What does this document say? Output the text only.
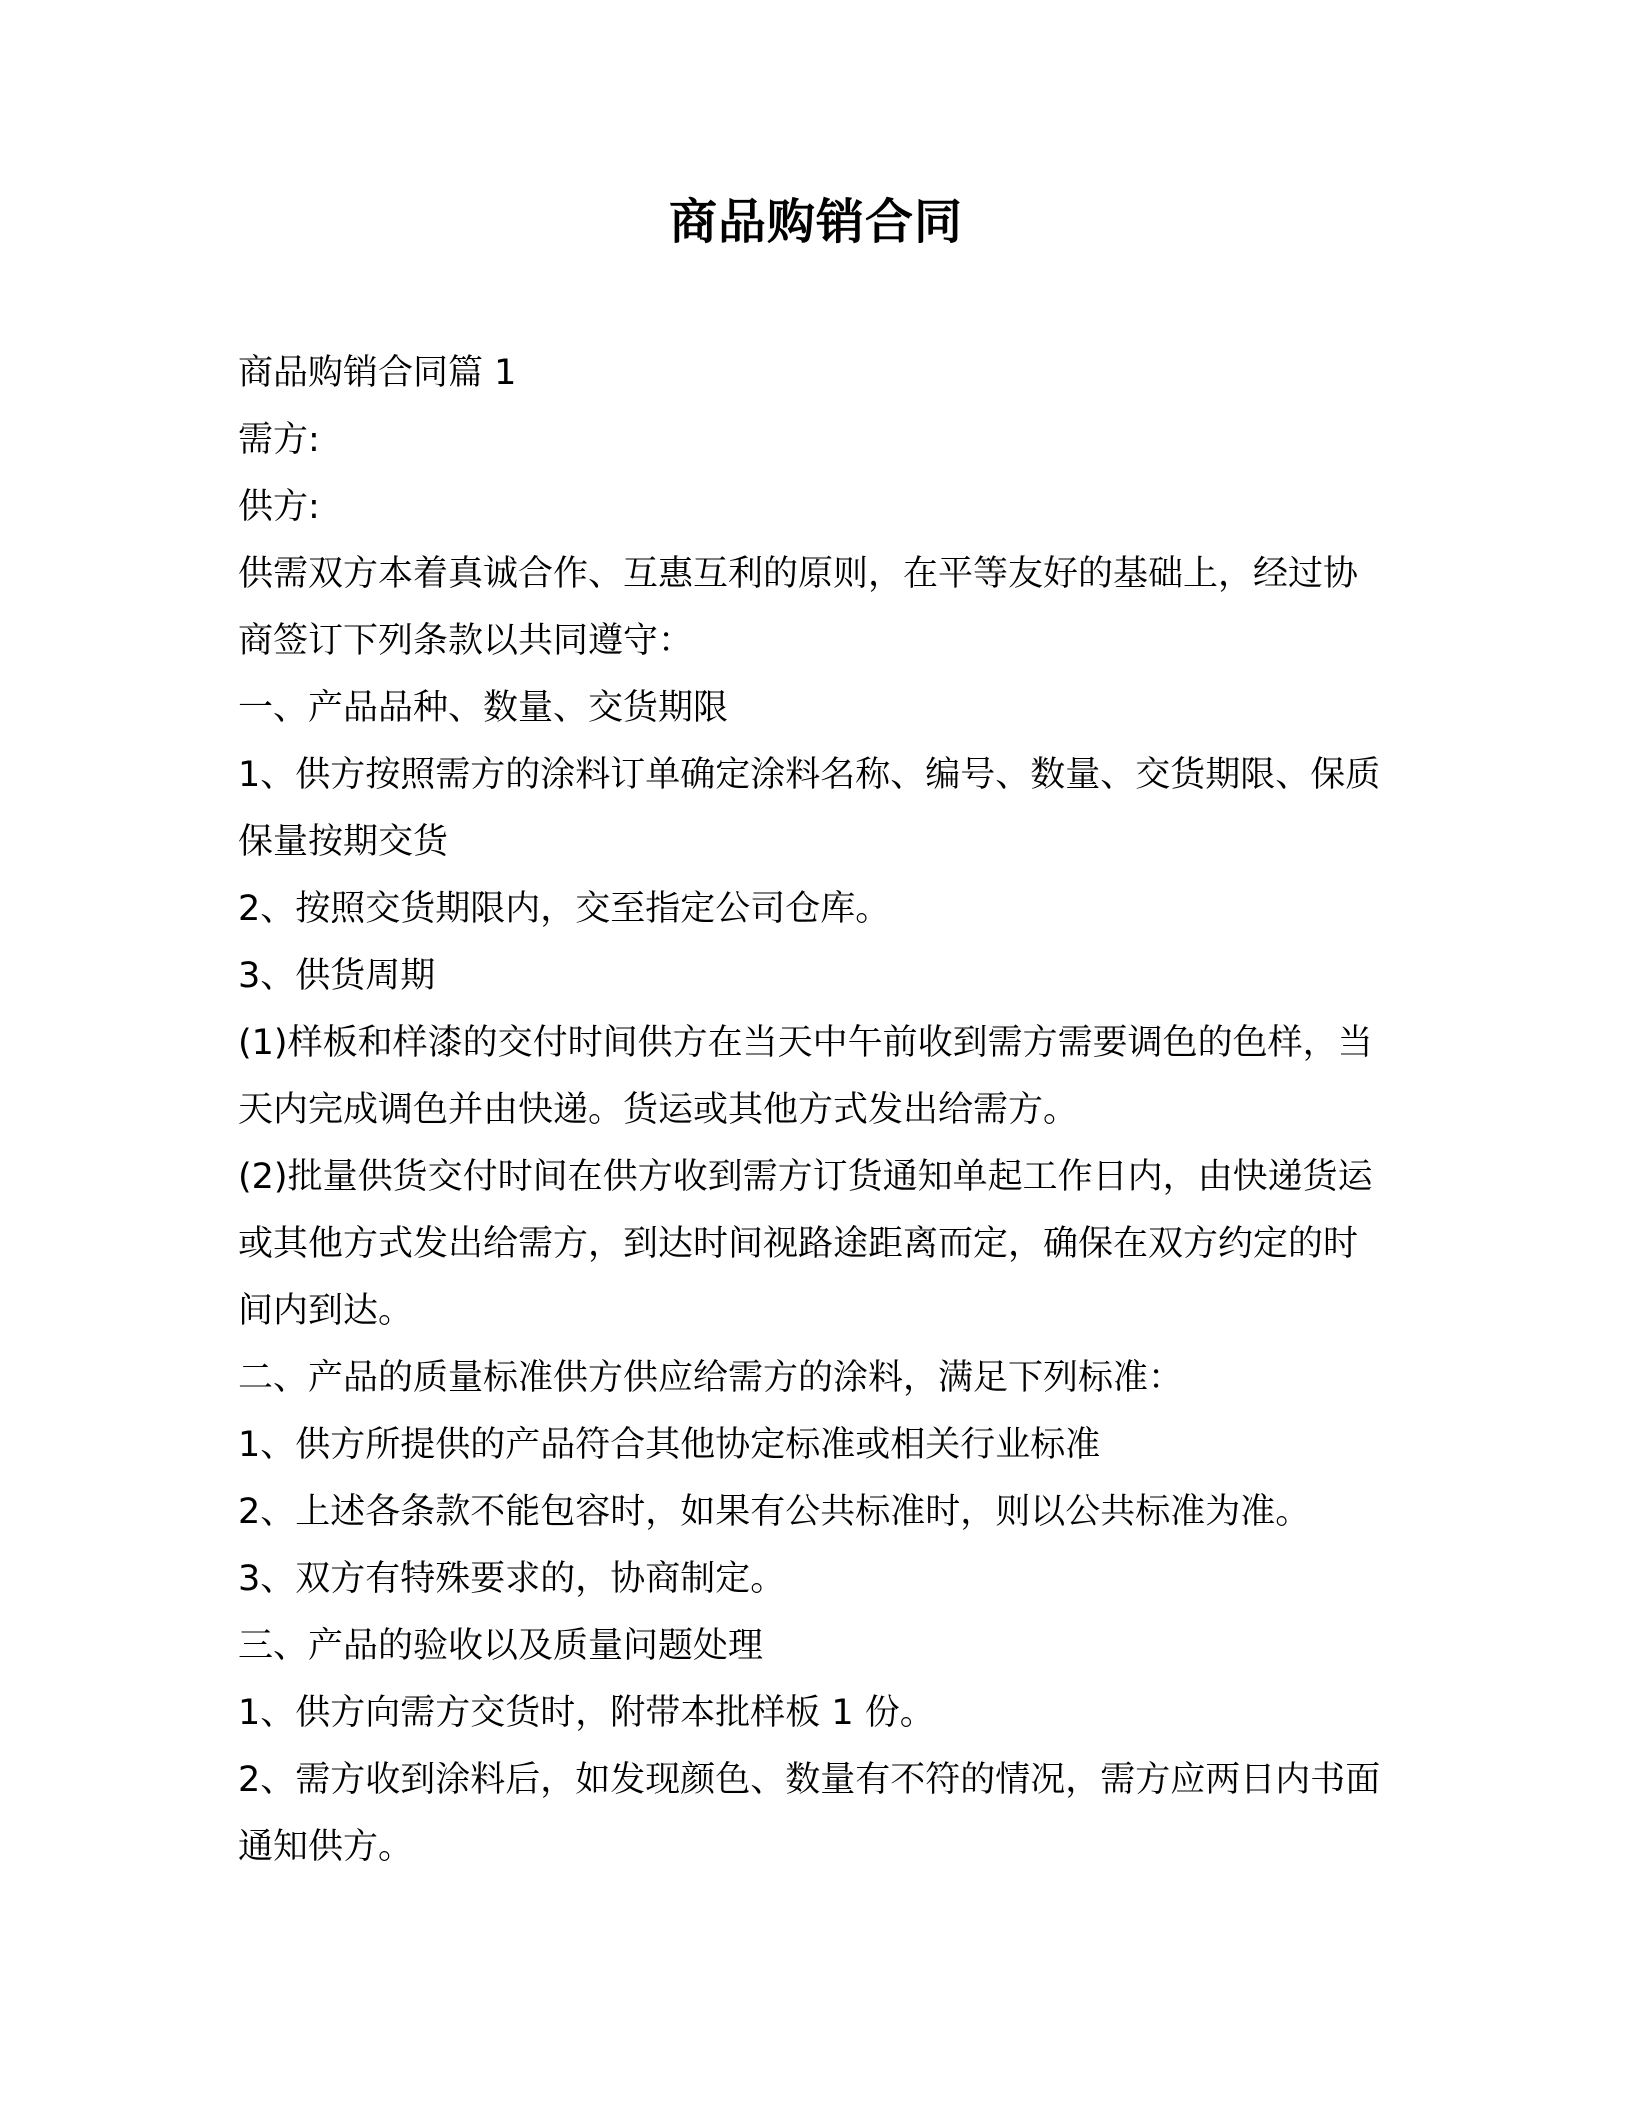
商品购销合同

商品购销合同篇 1

需方:

供方:

供需双方本着真诚合作、互惠互利的原则，在平等友好的基础上，经过协商签订下列条款以共同遵守：

一、产品品种、数量、交货期限

1、供方按照需方的涂料订单确定涂料名称、编号、数量、交货期限、保质保量按期交货

2、按照交货期限内，交至指定公司仓库。

3、供货周期

(1)样板和样漆的交付时间供方在当天中午前收到需方需要调色的色样，当天内完成调色并由快递。货运或其他方式发出给需方。

(2)批量供货交付时间在供方收到需方订货通知单起工作日内，由快递货运或其他方式发出给需方，到达时间视路途距离而定，确保在双方约定的时间内到达。

二、产品的质量标准供方供应给需方的涂料，满足下列标准：

1、供方所提供的产品符合其他协定标准或相关行业标准

2、上述各条款不能包容时，如果有公共标准时，则以公共标准为准。

3、双方有特殊要求的，协商制定。

三、产品的验收以及质量问题处理

1、供方向需方交货时，附带本批样板 1 份。

2、需方收到涂料后，如发现颜色、数量有不符的情况，需方应两日内书面通知供方。
